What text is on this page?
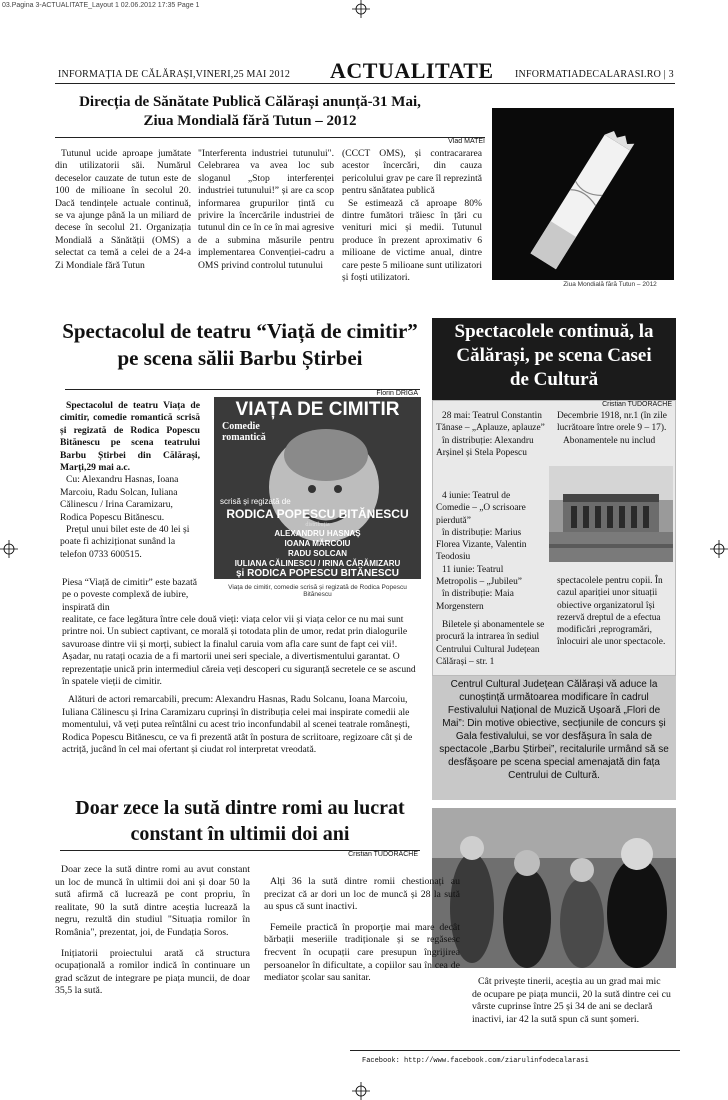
03.Pagina 3-ACTUALITATE_Layout 1 02.06.2012 17:35 Page 1
INFORMAȚIA DE CĂLĂRAȘI,VINERI,25 MAI 2012 ACTUALITATE INFORMATIADECALARASI.RO | 3
Direcția de Sănătate Publică Călărași anunță-31 Mai,
Ziua Mondială fără Tutun – 2012
Vlad MATEI

Tutunul ucide aproape jumătate din utilizatorii săi. Numărul deceselor cauzate de tutun este de 100 de milioane în secolul 20. Dacă tendințele actuale continuă, se va ajunge până la un miliard de decese în secolul 21. Organizația Mondială a Sănătății (OMS) a selectat ca temă a celei de a 24-a Zi Mondiale fără Tutun

"Interferenta industriei tutunului". Celebrarea va avea loc sub sloganul „Stop interferenței industriei tutunului!” și are ca scop informarea grupurilor țintă cu privire la încercările industriei de tutunul din ce în ce în mai agresive de a submina măsurile pentru implementarea Convenției-cadru a OMS privind controlul tutunului

(CCCT OMS), și contracararea acestor încercări, din cauza pericolului grav pe care îl reprezintă pentru sănătatea publică

Se estimează că aproape 80% dintre fumători trăiesc în țări cu venituri mici și medii. Tutunul produce în prezent aproximativ 6 milioane de victime anual, dintre care peste 5 milioane sunt utilizatori și foști utilizatori.

Ziua Mondială fără Tutun – 2012
Spectacolul de teatru “Viață de cimitir”
pe scena sălii Barbu Știrbei
Florin DRIGA

Spectacolul de teatru Viața de cimitir, comedie romantică scrisă și regizată de Rodica Popescu Bitănescu pe scena teatrului Barbu Știrbei din Călărași, Marți,29 mai a.c.

Cu: Alexandru Hasnas, Ioana Marcoiu, Radu Solcan, Iuliana Călinescu / Irina Caramizaru, Rodica Popescu Bitănescu.

Prețul unui bilet este de 40 lei și poate fi achiziționat sunând la telefon 0733 600515.

Piesa “Viață de cimitir” este bazată pe o poveste complexă de iubire, inspirată din

VIAȚA DE CIMITIR
Comedie
romantică
scrisă și regizată de
RODICA POPESCU BITĂNESCU
distribuția
ALEXANDRU HASNAȘ
IOANA MĂRCOIU
RADU SOLCAN
IULIANA CĂLINESCU / IRINA CĂRĂMIZARU
și RODICA POPESCU BITĂNESCU
Viața de cimitir, comedie scrisă și regizată de Rodica Popescu Bitănescu

realitate, ce face legătura între cele două vieți: viața celor vii și viața celor ce nu mai sunt printre noi. Un subiect captivant, ce morală și totodata plin de umor, redat prin dialogurile savuroase dintre vii și morți, subiect la finalul caruia vom afla care sunt de fapt cei vii!. Așadar, nu ratați ocazia de a fi martorii unei seri speciale, a divertismentului garantat. O reprezentație unică prin intermediul căreia veți descoperi cu siguranță secretele ce se ascund în spatele vieții de cimitir.

Alături de actori remarcabili, precum: Alexandru Hasnas, Radu Solcanu, Ioana Marcoiu, Iuliana Călinescu și Irina Caramizaru cuprinși în distribuția celei mai inspirate comedii ale momentului, vă veți putea reîntâlni cu acest trio inconfundabil al scenei teatrale românești, Rodica Popescu Bitănescu, ce va fi prezentă atât în postura de scriitoare, regizoare cât și de actriță, jucând în cel mai ofertant și ciudat rol interpretat vreodată.

Spectacolele continuă, la
Călărași, pe scena Casei
de Cultură
Cristian TUDORACHE

28 mai: Teatrul Constantin Tănase – „Aplauze, aplauze”

în distribuție: Alexandru Arșinel și Stela Popescu

Decembrie 1918, nr.1 (în zile lucrătoare între orele 9 – 17).

Abonamentele nu includ

4 iunie: Teatrul de Comedie – „O scrisoare pierdută”

în distribuție: Marius Florea Vizante, Valentin Teodosiu

11 iunie: Teatrul Metropolis – „Jubileu”

în distribuție: Maia Morgenstern

Biletele și abonamentele se procură la intrarea în sediul Centrului Cultural Județean Călărași – str. 1

spectacolele pentru copii. În cazul apariției unor situații obiective organizatorul își rezervă dreptul de a efectua modificări ,reprogramări, înlocuiri ale unor spectacole.

Centrul Cultural Județean Călărași vă aduce la cunoștință următoarea modificare în cadrul Festivalului Național de Muzică Ușoară „Flori de Mai”: Din motive obiective, secțiunile de concurs și Gala festivalului, se vor desfășura în sala de spectacole „Barbu Știrbei”, recitalurile urmând să se desfășoare pe scena special amenajată din fața Centrului de Cultură.
Doar zece la sută dintre romi au lucrat
constant în ultimii doi ani
Cristian TUDORACHE

Doar zece la sută dintre romi au avut constant un loc de muncă în ultimii doi ani și doar 50 la sută afirmă că lucrează pe cont propriu, în realitate, 90 la sută dintre aceștia lucrează la negru, rezultă din studiul "Situația romilor în România", prezentat, joi, de Fundația Soros.

Inițiatorii proiectului arată că structura ocupațională a romilor indică în continuare un grad scăzut de integrare pe piața muncii, de doar 35,5 la sută.

Alți 36 la sută dintre romii chestionați au precizat că ar dori un loc de muncă și 28 la sută au spus că sunt inactivi.

Femeile practică în proporție mai mare decât bărbații meseriile tradiționale și se regăsesc frecvent în ocupații care presupun îngrijirea persoanelor în dificultate, a copiilor sau în cea de mediator școlar sau sanitar.	Cât privește tinerii, aceștia au un grad mai mic de ocupare pe piața muncii, 20 la sută dintre cei cu vârste cuprinse între 25 și 34 de ani se declară inactivi, iar 42 la sută spun că sunt șomeri.

Facebook: http://www.facebook.com/ziarulinfodecalarasi
